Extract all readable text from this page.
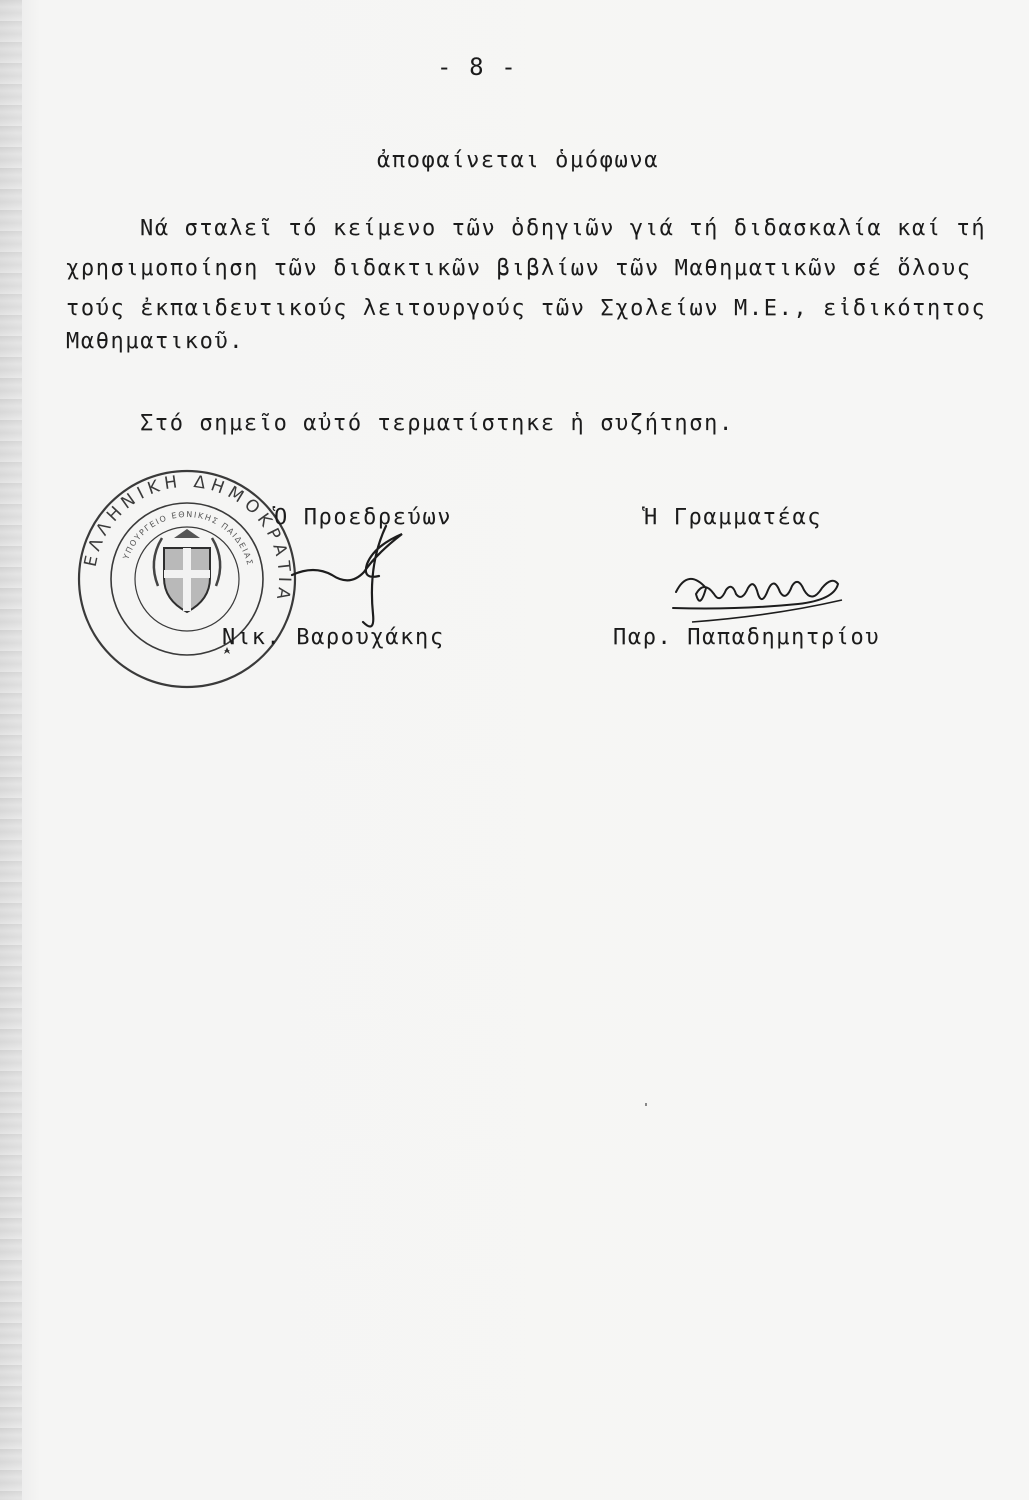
- 8 -
ἀποφαίνεται ὁμόφωνα
Νά σταλεῖ τό κείμενο τῶν ὁδηγιῶν γιά τή διδασκαλία καί τή
χρησιμοποίηση τῶν διδακτικῶν βιβλίων τῶν Μαθηματικῶν σέ ὅλους
τούς ἐκπαιδευτικούς λειτουργούς τῶν Σχολείων Μ.Ε., εἰδικότητος
Μαθηματικοῦ.
Στό σημεῖο αὐτό τερματίστηκε ἡ συζήτηση.
ΕΛΛΗΝΙΚΗ ΔΗΜΟΚΡΑΤΙΑ
ΥΠΟΥΡΓΕΙΟ ΕΘΝΙΚΗΣ ΠΑΙΔΕΙΑΣ
Ὁ Προεδρεύων
Νικ. Βαρουχάκης
Ἡ Γραμματέας
Παρ. Παπαδημητρίου
